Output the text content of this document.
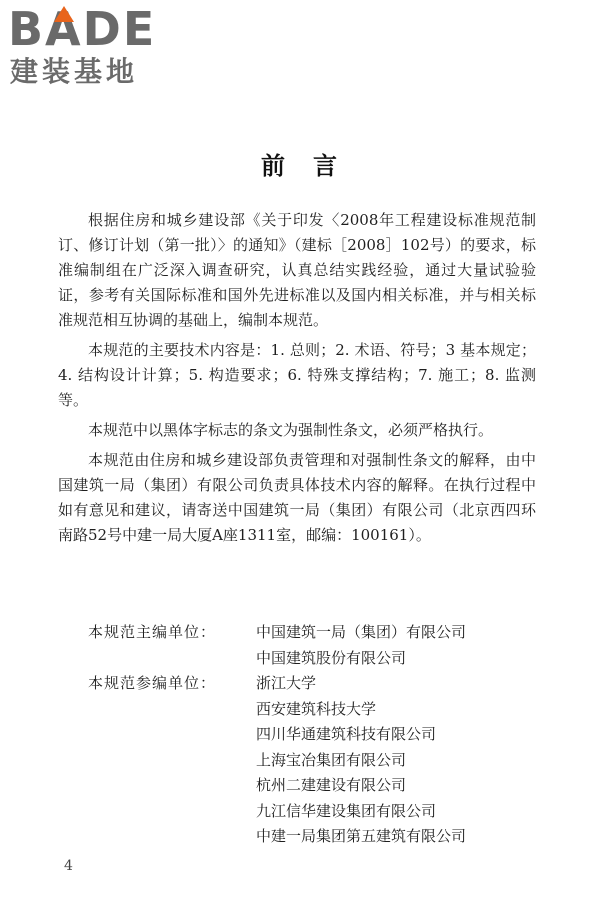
BADE
建装基地
前　言

根据住房和城乡建设部《关于印发〈2008年工程建设标准规范制订、修订计划（第一批）〉的通知》（建标［2008］102号）的要求，标准编制组在广泛深入调查研究，认真总结实践经验，通过大量试验验证，参考有关国际标准和国外先进标准以及国内相关标准，并与相关标准规范相互协调的基础上，编制本规范。

本规范的主要技术内容是：1. 总则；2. 术语、符号；3 基本规定；4. 结构设计计算；5. 构造要求；6. 特殊支撑结构；7. 施工；8. 监测等。

本规范中以黑体字标志的条文为强制性条文，必须严格执行。

本规范由住房和城乡建设部负责管理和对强制性条文的解释，由中国建筑一局（集团）有限公司负责具体技术内容的解释。在执行过程中如有意见和建议，请寄送中国建筑一局（集团）有限公司（北京西四环南路52号中建一局大厦A座1311室，邮编：100161）。

本规范主编单位：	中国建筑一局（集团）有限公司
中国建筑股份有限公司
本规范参编单位：	浙江大学
西安建筑科技大学
四川华通建筑科技有限公司
上海宝冶集团有限公司
杭州二建建设有限公司
九江信华建设集团有限公司
中建一局集团第五建筑有限公司
4
